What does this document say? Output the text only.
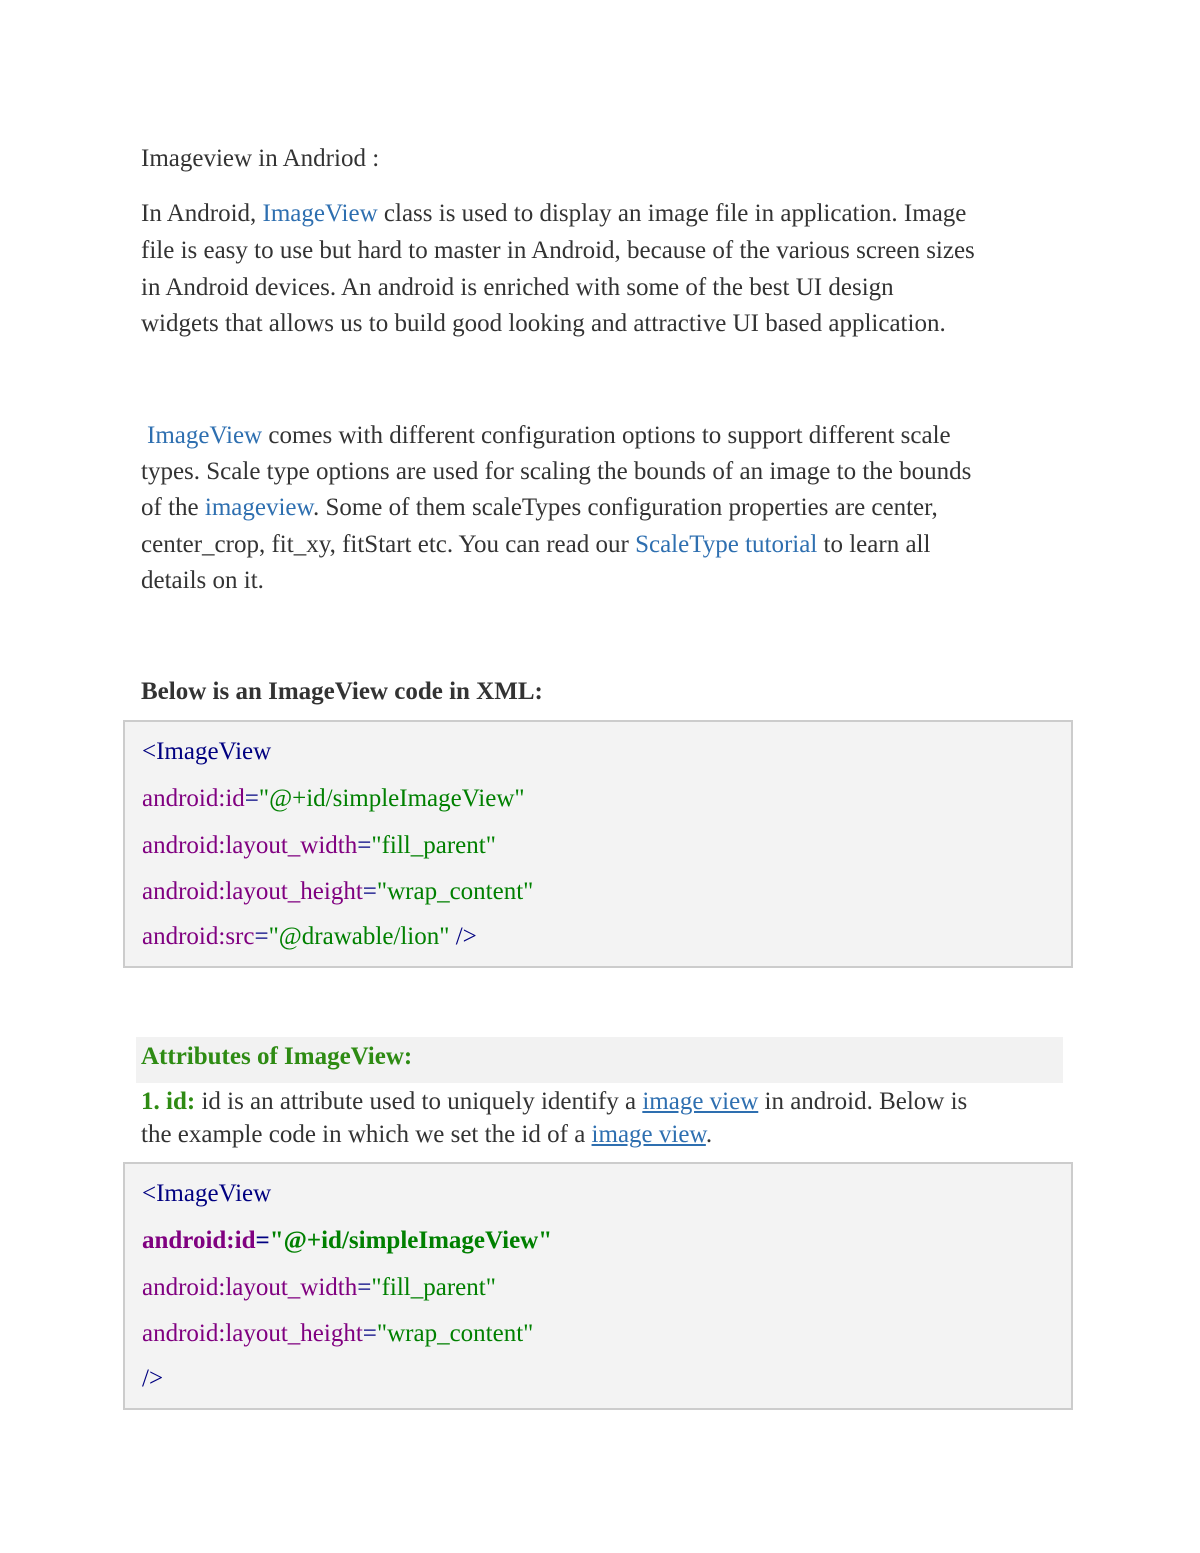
Imageview in Andriod :
In Android, ImageView class is used to display an image file in application. Image
file is easy to use but hard to master in Android, because of the various screen sizes
in Android devices. An android is enriched with some of the best UI design
widgets that allows us to build good looking and attractive UI based application.
ImageView comes with different configuration options to support different scale
types. Scale type options are used for scaling the bounds of an image to the bounds
of the imageview. Some of them scaleTypes configuration properties are center,
center_crop, fit_xy, fitStart etc. You can read our ScaleType tutorial to learn all
details on it.
Below is an ImageView code in XML:
<ImageView
android:id="@+id/simpleImageView"
android:layout_width="fill_parent"
android:layout_height="wrap_content"
android:src="@drawable/lion" />
Attributes of ImageView:
1. id: id is an attribute used to uniquely identify a image view in android. Below is
the example code in which we set the id of a image view.
<ImageView
android:id="@+id/simpleImageView"
android:layout_width="fill_parent"
android:layout_height="wrap_content"
/>
